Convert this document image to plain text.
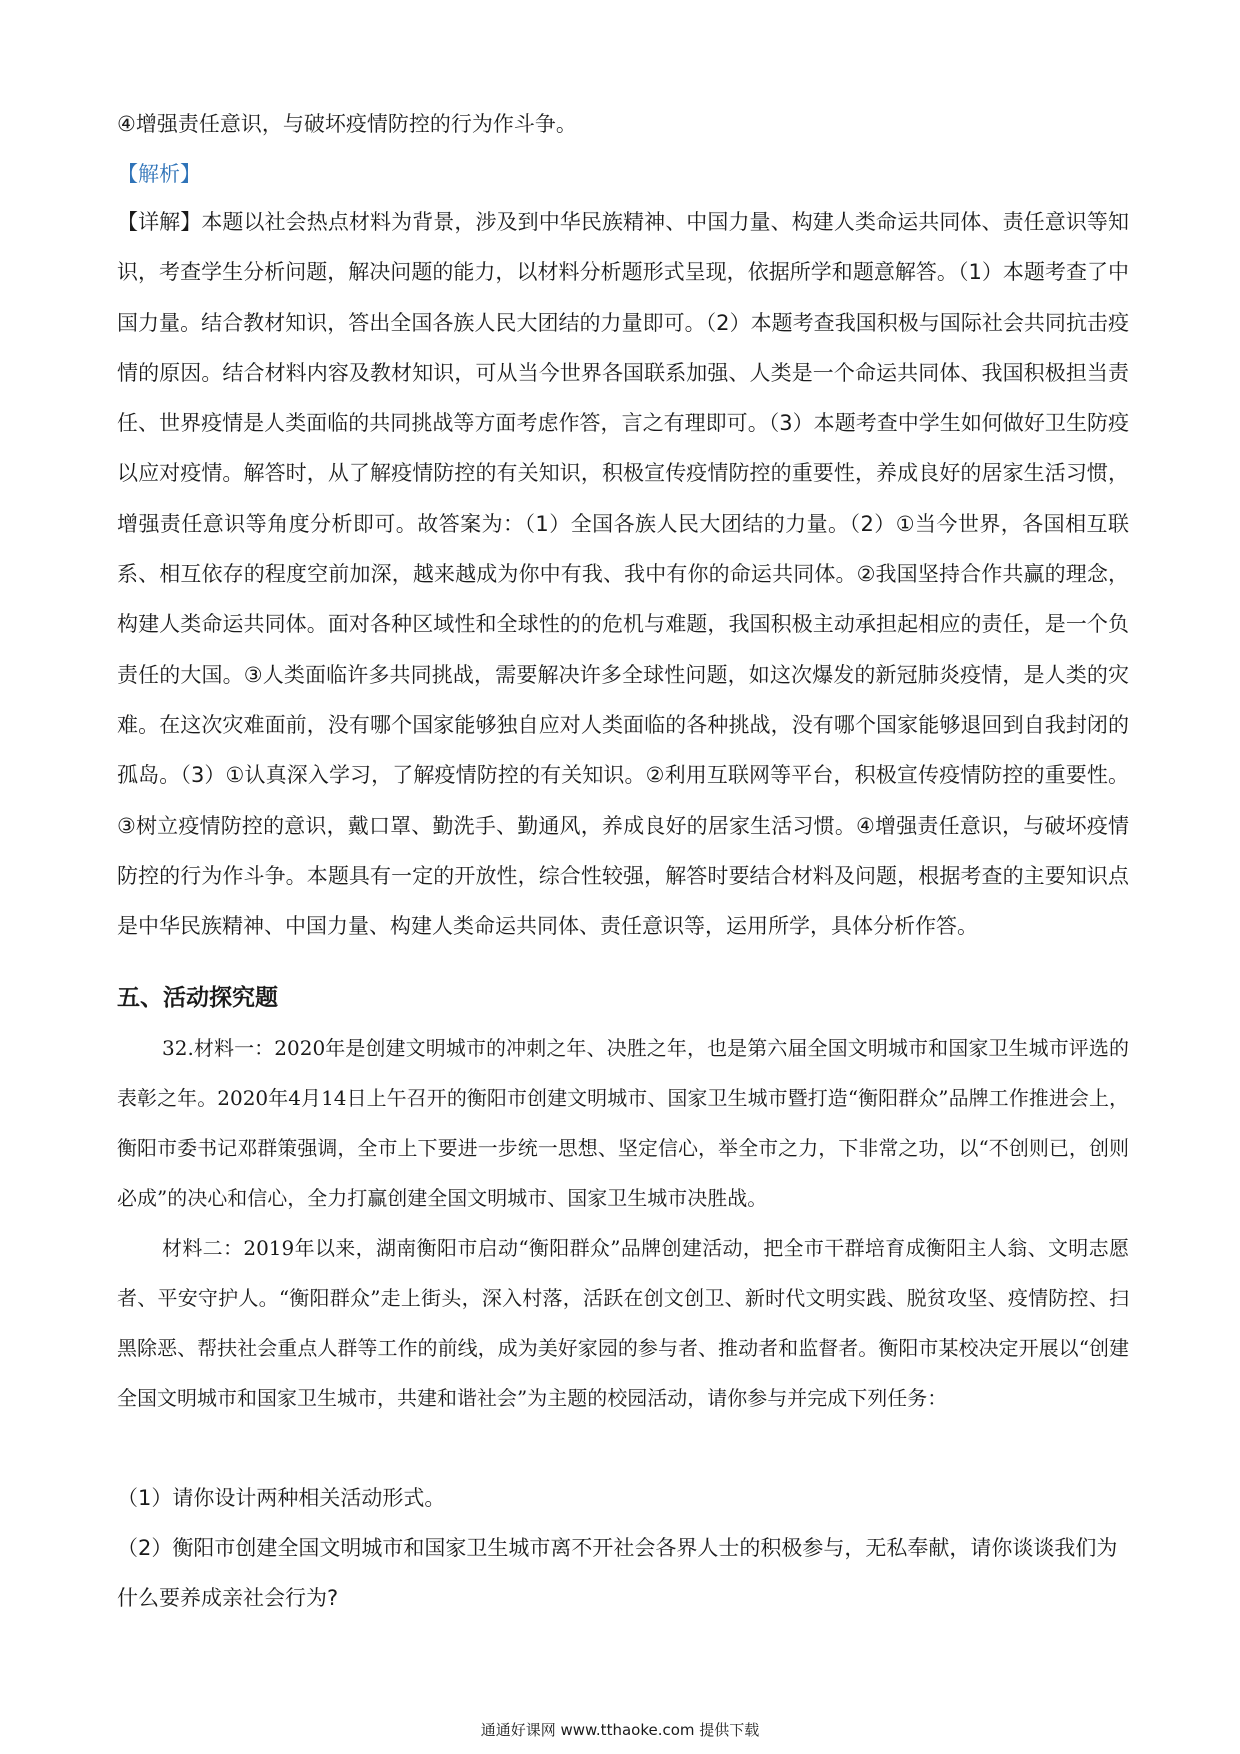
④增强责任意识，与破坏疫情防控的行为作斗争。

【解析】

【详解】本题以社会热点材料为背景，涉及到中华民族精神、中国力量、构建人类命运共同体、责任意识等知识，考查学生分析问题，解决问题的能力，以材料分析题形式呈现，依据所学和题意解答。（1）本题考查了中国力量。结合教材知识，答出全国各族人民大团结的力量即可。（2）本题考查我国积极与国际社会共同抗击疫情的原因。结合材料内容及教材知识，可从当今世界各国联系加强、人类是一个命运共同体、我国积极担当责任、世界疫情是人类面临的共同挑战等方面考虑作答，言之有理即可。（3）本题考查中学生如何做好卫生防疫以应对疫情。解答时，从了解疫情防控的有关知识，积极宣传疫情防控的重要性，养成良好的居家生活习惯，增强责任意识等角度分析即可。故答案为：（1）全国各族人民大团结的力量。（2）①当今世界，各国相互联系、相互依存的程度空前加深，越来越成为你中有我、我中有你的命运共同体。②我国坚持合作共赢的理念，构建人类命运共同体。面对各种区域性和全球性的的危机与难题，我国积极主动承担起相应的责任，是一个负责任的大国。③人类面临许多共同挑战，需要解决许多全球性问题，如这次爆发的新冠肺炎疫情，是人类的灾难。在这次灾难面前，没有哪个国家能够独自应对人类面临的各种挑战，没有哪个国家能够退回到自我封闭的孤岛。（3）①认真深入学习，了解疫情防控的有关知识。②利用互联网等平台，积极宣传疫情防控的重要性。③树立疫情防控的意识，戴口罩、勤洗手、勤通风，养成良好的居家生活习惯。④增强责任意识，与破坏疫情防控的行为作斗争。本题具有一定的开放性，综合性较强，解答时要结合材料及问题，根据考查的主要知识点是中华民族精神、中国力量、构建人类命运共同体、责任意识等，运用所学，具体分析作答。

五、活动探究题

32.材料一：2020年是创建文明城市的冲刺之年、决胜之年，也是第六届全国文明城市和国家卫生城市评选的表彰之年。2020年4月14日上午召开的衡阳市创建文明城市、国家卫生城市暨打造“衡阳群众”品牌工作推进会上，衡阳市委书记邓群策强调，全市上下要进一步统一思想、坚定信心，举全市之力，下非常之功，以“不创则已，创则必成”的决心和信心，全力打赢创建全国文明城市、国家卫生城市决胜战。

材料二：2019年以来，湖南衡阳市启动“衡阳群众”品牌创建活动，把全市干群培育成衡阳主人翁、文明志愿者、平安守护人。“衡阳群众”走上街头，深入村落，活跃在创文创卫、新时代文明实践、脱贫攻坚、疫情防控、扫黑除恶、帮扶社会重点人群等工作的前线，成为美好家园的参与者、推动者和监督者。衡阳市某校决定开展以“创建全国文明城市和国家卫生城市，共建和谐社会”为主题的校园活动，请你参与并完成下列任务：

（1）请你设计两种相关活动形式。

（2）衡阳市创建全国文明城市和国家卫生城市离不开社会各界人士的积极参与，无私奉献，请你谈谈我们为什么要养成亲社会行为?

通通好课网 www.tthaoke.com 提供下载
